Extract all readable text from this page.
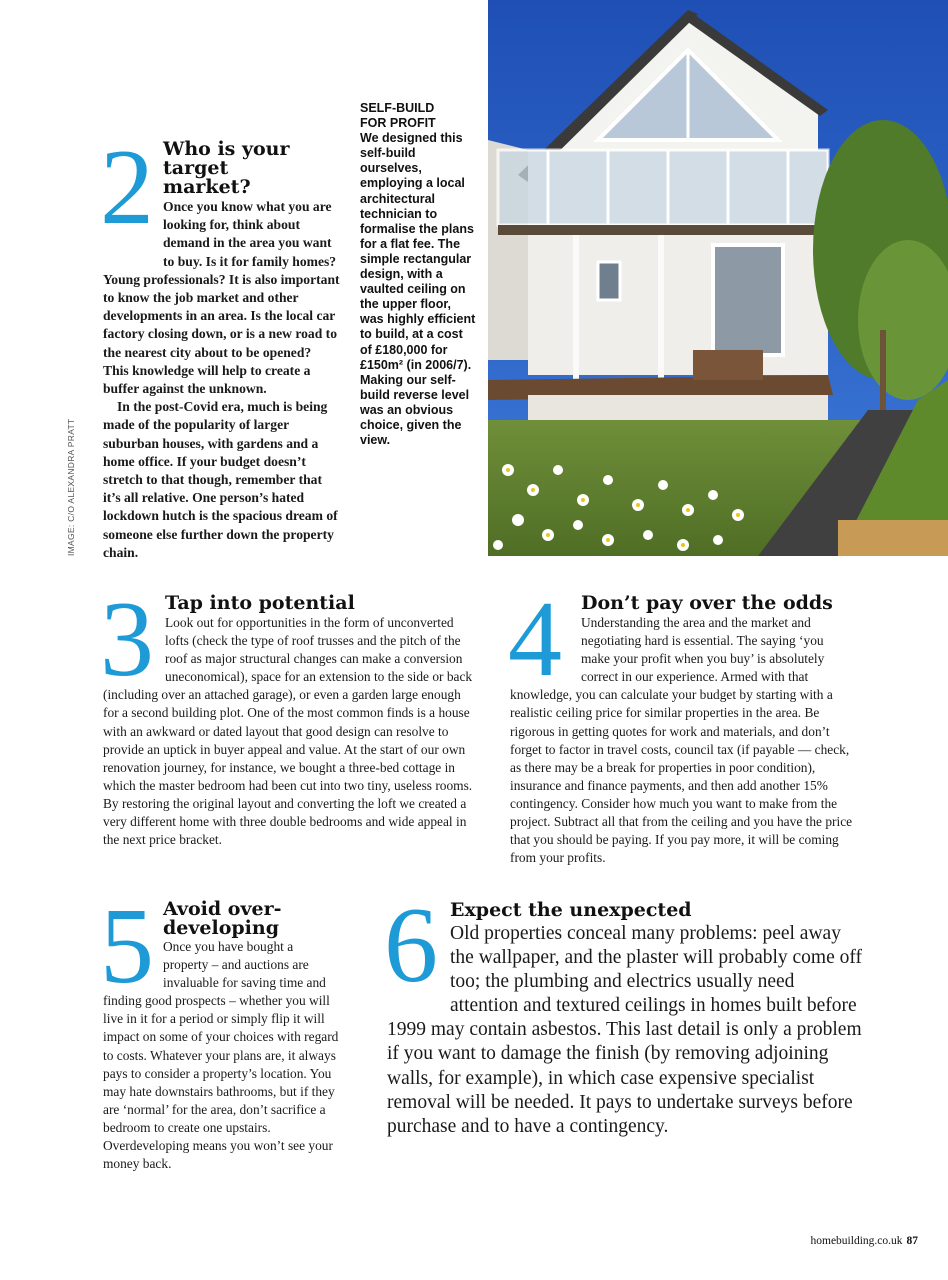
IMAGE: C/O ALEXANDRA PRATT
2 Who is your target market?

Once you know what you are looking for, think about demand in the area you want to buy. Is it for family homes? Young professionals? It is also important to know the job market and other developments in an area. Is the local car factory closing down, or is a new road to the nearest city about to be opened? This knowledge will help to create a buffer against the unknown.

In the post-Covid era, much is being made of the popularity of larger suburban houses, with gardens and a home office. If your budget doesn’t stretch to that though, remember that it’s all relative. One person’s hated lockdown hutch is the spacious dream of someone else further down the property chain.

SELF-BUILD FOR PROFIT
We designed this self-build ourselves, employing a local architectural technician to formalise the plans for a flat fee. The simple rectangular design, with a vaulted ceiling on the upper floor, was highly efficient to build, at a cost of £180,000 for £150m² (in 2006/7). Making our self-build reverse level was an obvious choice, given the view.
3 Tap into potential

Look out for opportunities in the form of unconverted lofts (check the type of roof trusses and the pitch of the roof as major structural changes can make a conversion uneconomical), space for an extension to the side or back (including over an attached garage), or even a garden large enough for a second building plot. One of the most common finds is a house with an awkward or dated layout that good design can resolve to provide an uptick in buyer appeal and value. At the start of our own renovation journey, for instance, we bought a three-bed cottage in which the master bedroom had been cut into two tiny, useless rooms. By restoring the original layout and converting the loft we created a very different home with three double bedrooms and wide appeal in the next price bracket.

4 Don’t pay over the odds

Understanding the area and the market and negotiating hard is essential. The saying ‘you make your profit when you buy’ is absolutely correct in our experience. Armed with that knowledge, you can calculate your budget by starting with a realistic ceiling price for similar properties in the area. Be rigorous in getting quotes for work and materials, and don’t forget to factor in travel costs, council tax (if payable — check, as there may be a break for properties in poor condition), insurance and finance payments, and then add another 15% contingency. Consider how much you want to make from the project. Subtract all that from the ceiling and you have the price that you should be paying. If you pay more, it will be coming from your profits.

5 Avoid over-developing

Once you have bought a property – and auctions are invaluable for saving time and finding good prospects – whether you will live in it for a period or simply flip it will impact on some of your choices with regard to costs. Whatever your plans are, it always pays to consider a property’s location. You may hate downstairs bathrooms, but if they are ‘normal’ for the area, don’t sacrifice a bedroom to create one upstairs. Overdeveloping means you won’t see your money back.

6 Expect the unexpected

Old properties conceal many problems: peel away the wallpaper, and the plaster will probably come off too; the plumbing and electrics usually need attention and textured ceilings in homes built before 1999 may contain asbestos. This last detail is only a problem if you want to damage the finish (by removing adjoining walls, for example), in which case expensive specialist removal will be needed. It pays to undertake surveys before purchase and to have a contingency.

homebuilding.co.uk 87
